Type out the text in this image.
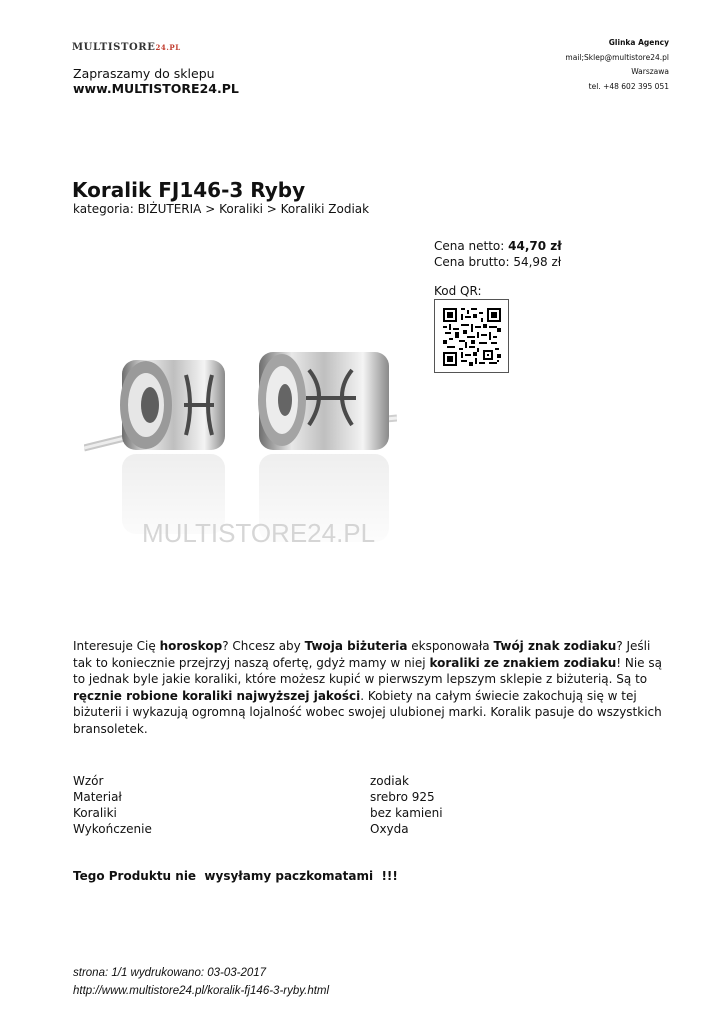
MULTISTORE24.PL
Zapraszamy do sklepu
www.MULTISTORE24.PL
Glinka Agency
mail;Sklep@multistore24.pl
Warszawa
tel. +48 602 395 051
Koralik FJ146-3 Ryby
kategoria: BIŻUTERIA > Koraliki > Koraliki Zodiak
Cena netto: 44,70 zł
Cena brutto: 54,98 zł
Kod QR:
MULTISTORE24.PL
Interesuje Cię horoskop? Chcesz aby Twoja biżuteria eksponowała Twój znak zodiaku? Jeśli tak to koniecznie przejrzyj naszą ofertę, gdyż mamy w niej koraliki ze znakiem zodiaku! Nie są to jednak byle jakie koraliki, które możesz kupić w pierwszym lepszym sklepie z biżuterią. Są to ręcznie robione koraliki najwyższej jakości. Kobiety na całym świecie zakochują się w tej biżuterii i wykazują ogromną lojalność wobec swojej ulubionej marki. Koralik pasuje do wszystkich bransoletek.
Wzór	zodiak
Materiał	srebro 925
Koraliki	bez kamieni
Wykończenie	Oxyda
Tego Produktu nie  wysyłamy paczkomatami  !!!
strona: 1/1 wydrukowano: 03-03-2017
http://www.multistore24.pl/koralik-fj146-3-ryby.html
